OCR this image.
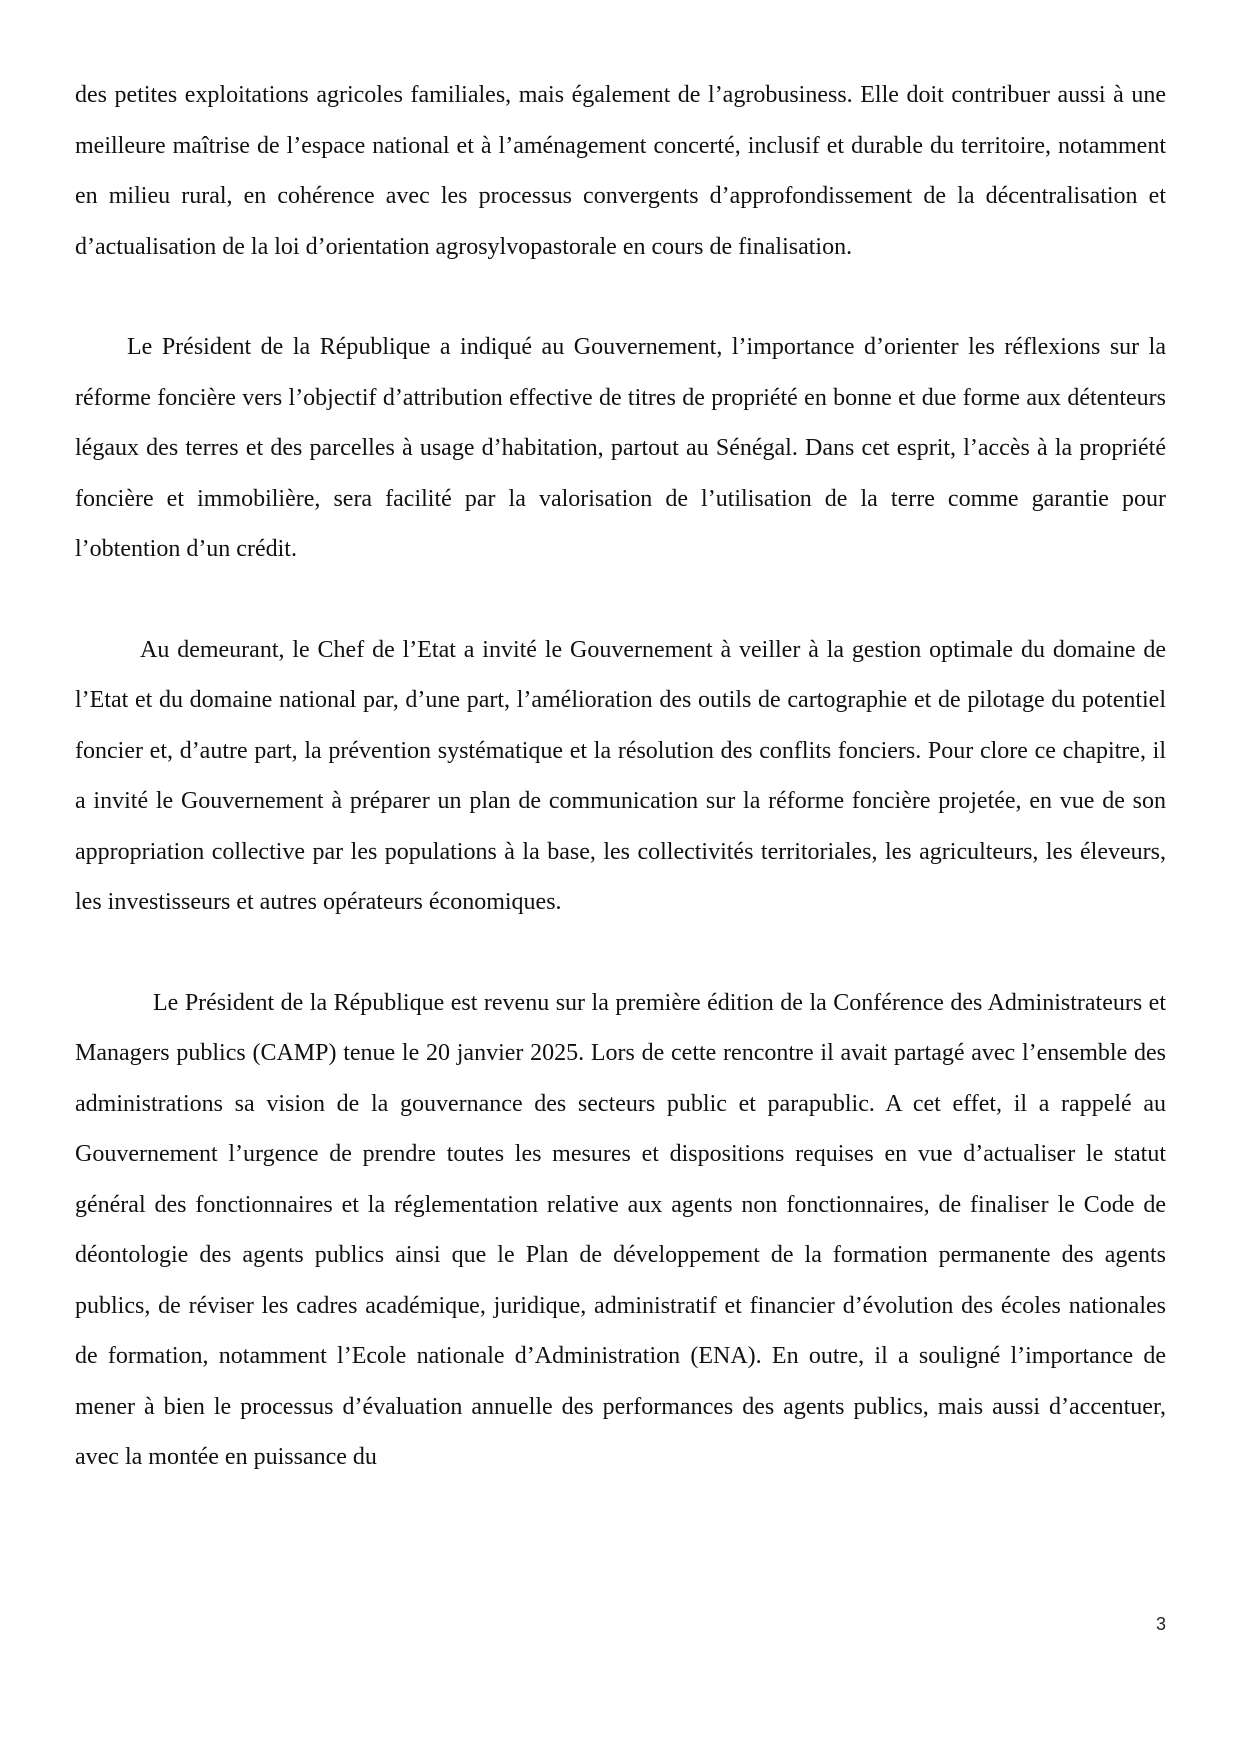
des petites exploitations agricoles familiales, mais également de l’agrobusiness. Elle doit contribuer aussi à une meilleure maîtrise de l’espace national et à l’aménagement concerté, inclusif et durable du territoire, notamment en milieu rural, en cohérence avec les processus convergents d’approfondissement de la décentralisation et d’actualisation de la loi d’orientation agrosylvopastorale en cours de finalisation.

Le Président de la République a indiqué au Gouvernement, l’importance d’orienter les réflexions sur la réforme foncière vers l’objectif d’attribution effective de titres de propriété en bonne et due forme aux détenteurs légaux des terres et des parcelles à usage d’habitation, partout au Sénégal. Dans cet esprit, l’accès à la propriété foncière et immobilière, sera facilité par la valorisation de l’utilisation de la terre comme garantie pour l’obtention d’un crédit.

Au demeurant, le Chef de l’Etat a invité le Gouvernement à veiller à la gestion optimale du domaine de l’Etat et du domaine national par, d’une part, l’amélioration des outils de cartographie et de pilotage du potentiel foncier et, d’autre part, la prévention systématique et la résolution des conflits fonciers. Pour clore ce chapitre, il a invité le Gouvernement à préparer un plan de communication sur la réforme foncière projetée, en vue de son appropriation collective par les populations à la base, les collectivités territoriales, les agriculteurs, les éleveurs, les investisseurs et autres opérateurs économiques.

Le Président de la République est revenu sur la première édition de la Conférence des Administrateurs et Managers publics (CAMP) tenue le 20 janvier 2025. Lors de cette rencontre il avait partagé avec l’ensemble des administrations sa vision de la gouvernance des secteurs public et parapublic. A cet effet, il a rappelé au Gouvernement l’urgence de prendre toutes les mesures et dispositions requises en vue d’actualiser le statut général des fonctionnaires et la réglementation relative aux agents non fonctionnaires, de finaliser le Code de déontologie des agents publics ainsi que le Plan de développement de la formation permanente des agents publics, de réviser les cadres académique, juridique, administratif et financier d’évolution des écoles nationales de formation, notamment l’Ecole nationale d’Administration (ENA). En outre, il a souligné l’importance de mener à bien le processus d’évaluation annuelle des performances des agents publics, mais aussi d’accentuer, avec la montée en puissance du

3
